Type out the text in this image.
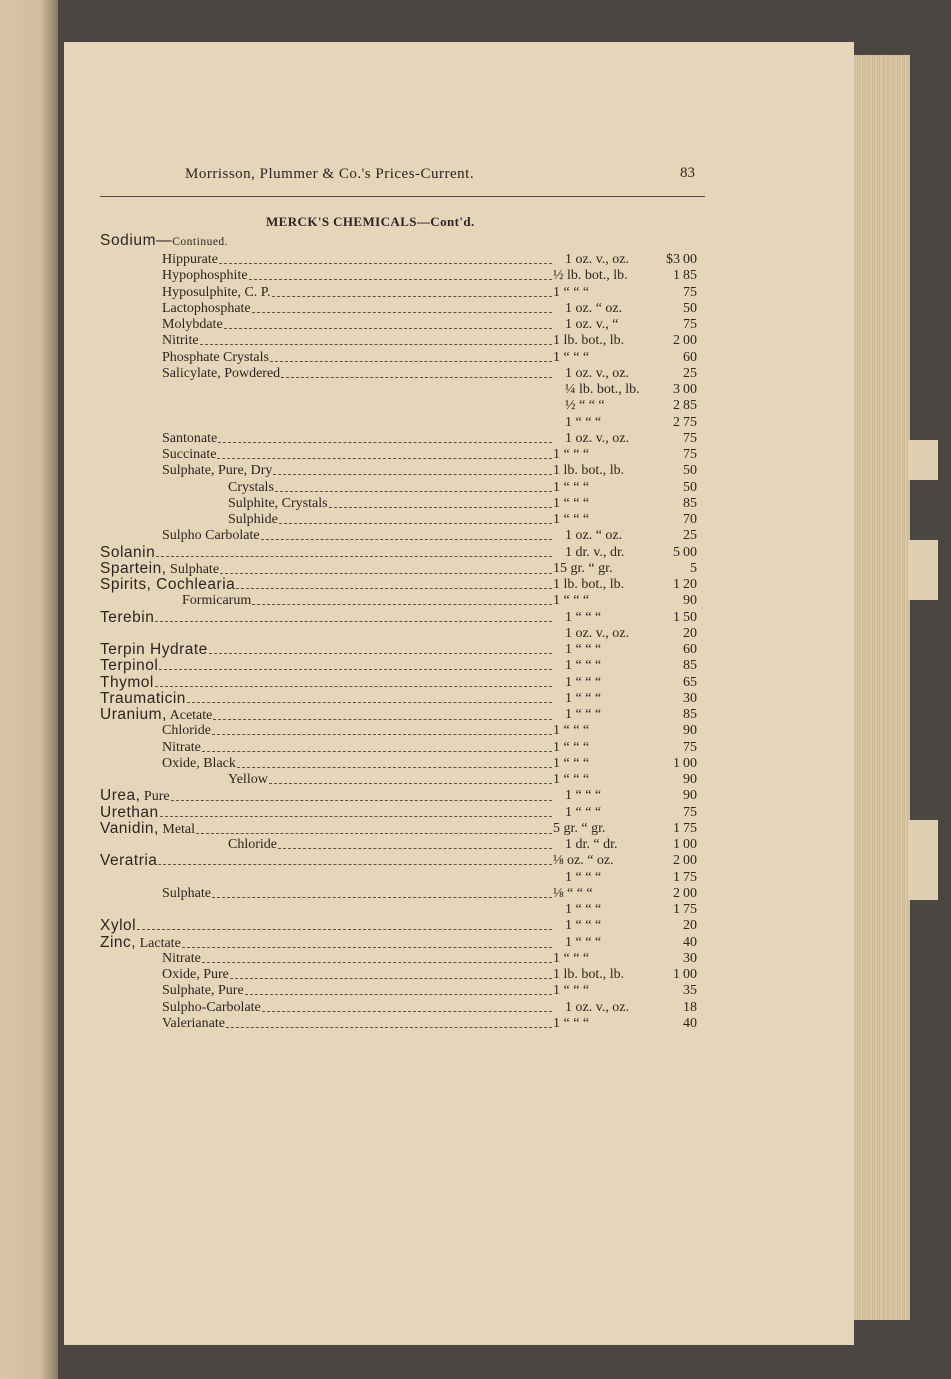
Morrisson, Plummer & Co.'s Prices-Current.	83
MERCK'S CHEMICALS—Cont'd.
Sodium—Continued.
Hippurate	1 oz. v., oz.	$3 00
Hypophosphite	½ lb. bot., lb.	1 85
Hyposulphite, C. P.	1 “ “ “	75
Lactophosphate	1 oz. “ oz.	50
Molybdate	1 oz. v., “	75
Nitrite	1 lb. bot., lb.	2 00
Phosphate Crystals	1 “ “ “	60
Salicylate, Powdered	1 oz. v., oz.	25
¼ lb. bot., lb.	3 00
½ “ “ “	2 85
1 “ “ “	2 75
Santonate	1 oz. v., oz.	75
Succinate	1 “ “ “	75
Sulphate, Pure, Dry	1 lb. bot., lb.	50
Crystals	1 “ “ “	50
Sulphite, Crystals	1 “ “ “	85
Sulphide	1 “ “ “	70
Sulpho Carbolate	1 oz. “ oz.	25
Solanin	1 dr. v., dr.	5 00
Spartein, Sulphate	15 gr. “ gr.	5
Spirits, Cochlearia	1 lb. bot., lb.	1 20
Formicarum	1 “ “ “	90
Terebin	1 “ “ “	1 50
1 oz. v., oz.	20
Terpin Hydrate	1 “ “ “	60
Terpinol	1 “ “ “	85
Thymol	1 “ “ “	65
Traumaticin	1 “ “ “	30
Uranium, Acetate	1 “ “ “	85
Chloride	1 “ “ “	90
Nitrate	1 “ “ “	75
Oxide, Black	1 “ “ “	1 00
Yellow	1 “ “ “	90
Urea, Pure	1 “ “ “	90
Urethan	1 “ “ “	75
Vanidin, Metal	5 gr. “ gr.	1 75
Chloride	1 dr. “ dr.	1 00
Veratria	⅛ oz. “ oz.	2 00
1 “ “ “	1 75
Sulphate	⅛ “ “ “	2 00
1 “ “ “	1 75
Xylol	1 “ “ “	20
Zinc, Lactate	1 “ “ “	40
Nitrate	1 “ “ “	30
Oxide, Pure	1 lb. bot., lb.	1 00
Sulphate, Pure	1 “ “ “	35
Sulpho-Carbolate	1 oz. v., oz.	18
Valerianate	1 “ “ “	40
